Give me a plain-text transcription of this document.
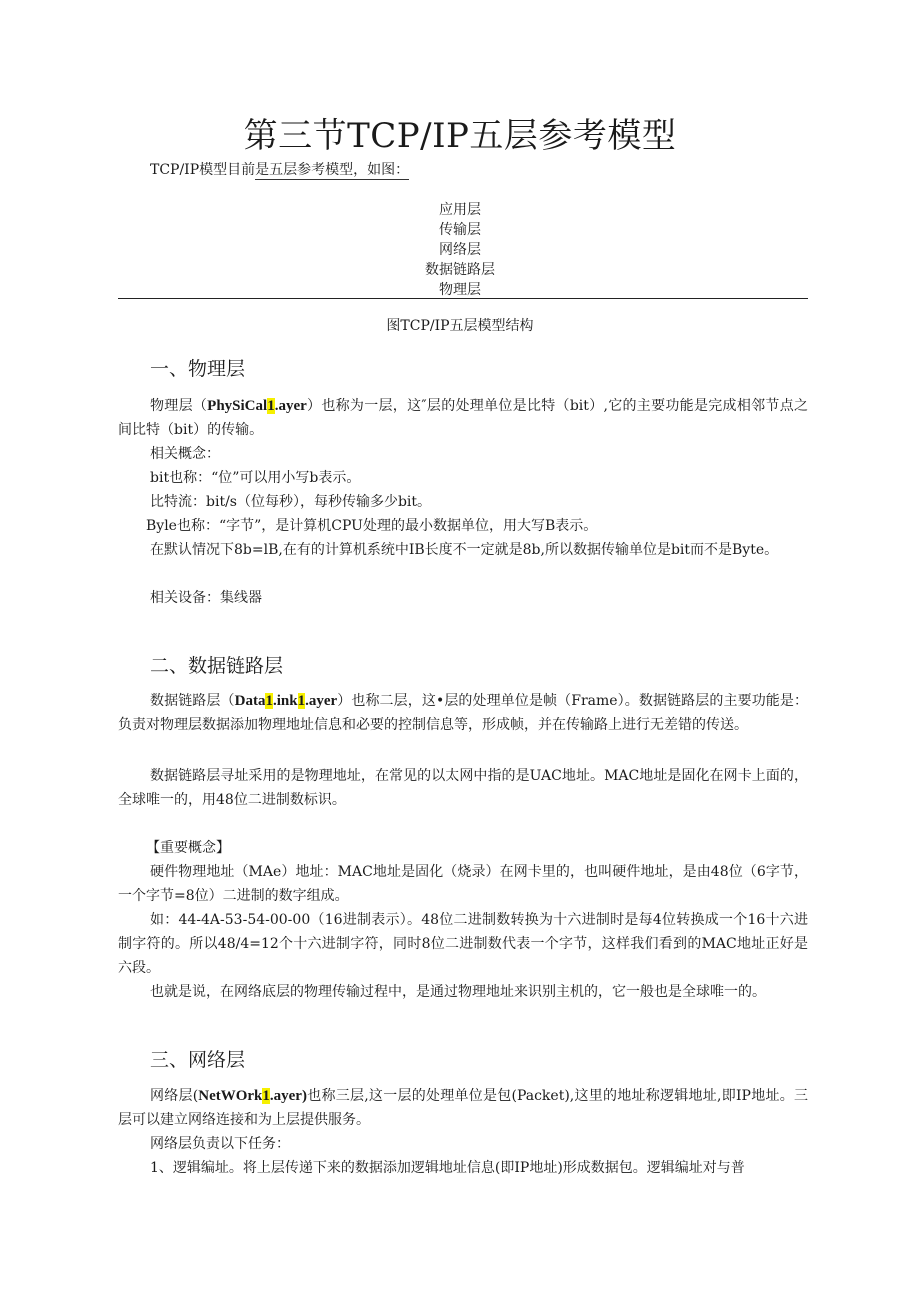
第三节TCP/IP五层参考模型
TCP/IP模型目前是五层参考模型，如图：
应用层
传输层
网络层
数据链路层
物理层
图TCP/IP五层模型结构
一、物理层
物理层（PhySiCal1.ayer）也称为一层，这″层的处理单位是比特（bit）,它的主要功能是完成相邻节点之间比特（bit）的传输。
相关概念：
bit也称：“位”可以用小写b表示。
比特流：bit/s（位每秒），每秒传输多少bit。
Byle也称：“字节”，是计算机CPU处理的最小数据单位，用大写B表示。
在默认情况下8b=lB,在有的计算机系统中IB长度不一定就是8b,所以数据传输单位是bit而不是Byte。
相关设备：集线器
二、数据链路层
数据链路层（Data1.ink1.ayer）也称二层，这•层的处理单位是帧（Frame）。数据链路层的主要功能是：负责对物理层数据添加物理地址信息和必要的控制信息等，形成帧，并在传输路上进行无差错的传送。
数据链路层寻址采用的是物理地址，在常见的以太网中指的是UAC地址。MAC地址是固化在网卡上面的，全球唯一的，用48位二进制数标识。
【重要概念】
硬件物理地址（MAe）地址：MAC地址是固化（烧录）在网卡里的，也叫硬件地址，是由48位（6字节，一个字节=8位）二进制的数字组成。
如：44-4A-53-54-00-00（16进制表示）。48位二进制数转换为十六进制时是每4位转换成一个16十六进制字符的。所以48/4=12个十六进制字符，同时8位二进制数代表一个字节，这样我们看到的MAC地址正好是六段。
也就是说，在网络底层的物理传输过程中，是通过物理地址来识别主机的，它一般也是全球唯一的。
三、网络层
网络层(NetWOrk1.ayer)也称三层,这一层的处理单位是包(Packet),这里的地址称逻辑地址,即IP地址。三层可以建立网络连接和为上层提供服务。
网络层负责以下任务：
1、逻辑编址。将上层传递下来的数据添加逻辑地址信息(即IP地址)形成数据包。逻辑编址对与普
